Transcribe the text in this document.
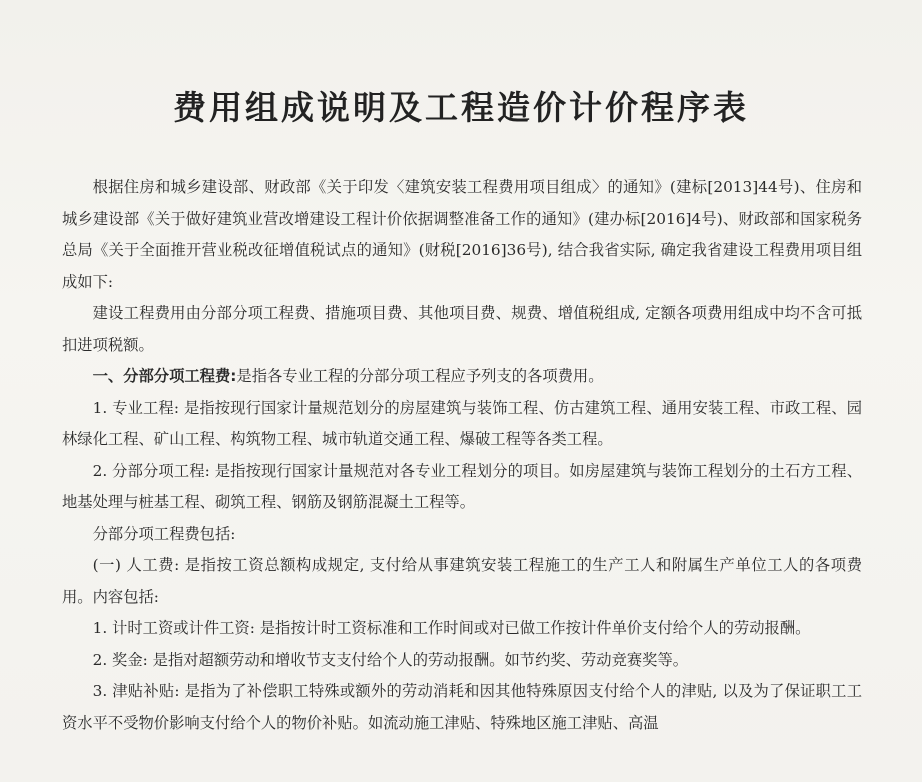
费用组成说明及工程造价计价程序表

根据住房和城乡建设部、财政部《关于印发〈建筑安装工程费用项目组成〉的通知》(建标[2013]44号)、住房和城乡建设部《关于做好建筑业营改增建设工程计价依据调整准备工作的通知》(建办标[2016]4号)、财政部和国家税务总局《关于全面推开营业税改征增值税试点的通知》(财税[2016]36号), 结合我省实际, 确定我省建设工程费用项目组成如下:

建设工程费用由分部分项工程费、措施项目费、其他项目费、规费、增值税组成, 定额各项费用组成中均不含可抵扣进项税额。

一、分部分项工程费:是指各专业工程的分部分项工程应予列支的各项费用。

1. 专业工程: 是指按现行国家计量规范划分的房屋建筑与装饰工程、仿古建筑工程、通用安装工程、市政工程、园林绿化工程、矿山工程、构筑物工程、城市轨道交通工程、爆破工程等各类工程。

2. 分部分项工程: 是指按现行国家计量规范对各专业工程划分的项目。如房屋建筑与装饰工程划分的土石方工程、地基处理与桩基工程、砌筑工程、钢筋及钢筋混凝土工程等。

分部分项工程费包括:

(一) 人工费: 是指按工资总额构成规定, 支付给从事建筑安装工程施工的生产工人和附属生产单位工人的各项费用。内容包括:

1. 计时工资或计件工资: 是指按计时工资标准和工作时间或对已做工作按计件单价支付给个人的劳动报酬。

2. 奖金: 是指对超额劳动和增收节支支付给个人的劳动报酬。如节约奖、劳动竞赛奖等。

3. 津贴补贴: 是指为了补偿职工特殊或额外的劳动消耗和因其他特殊原因支付给个人的津贴, 以及为了保证职工工资水平不受物价影响支付给个人的物价补贴。如流动施工津贴、特殊地区施工津贴、高温
